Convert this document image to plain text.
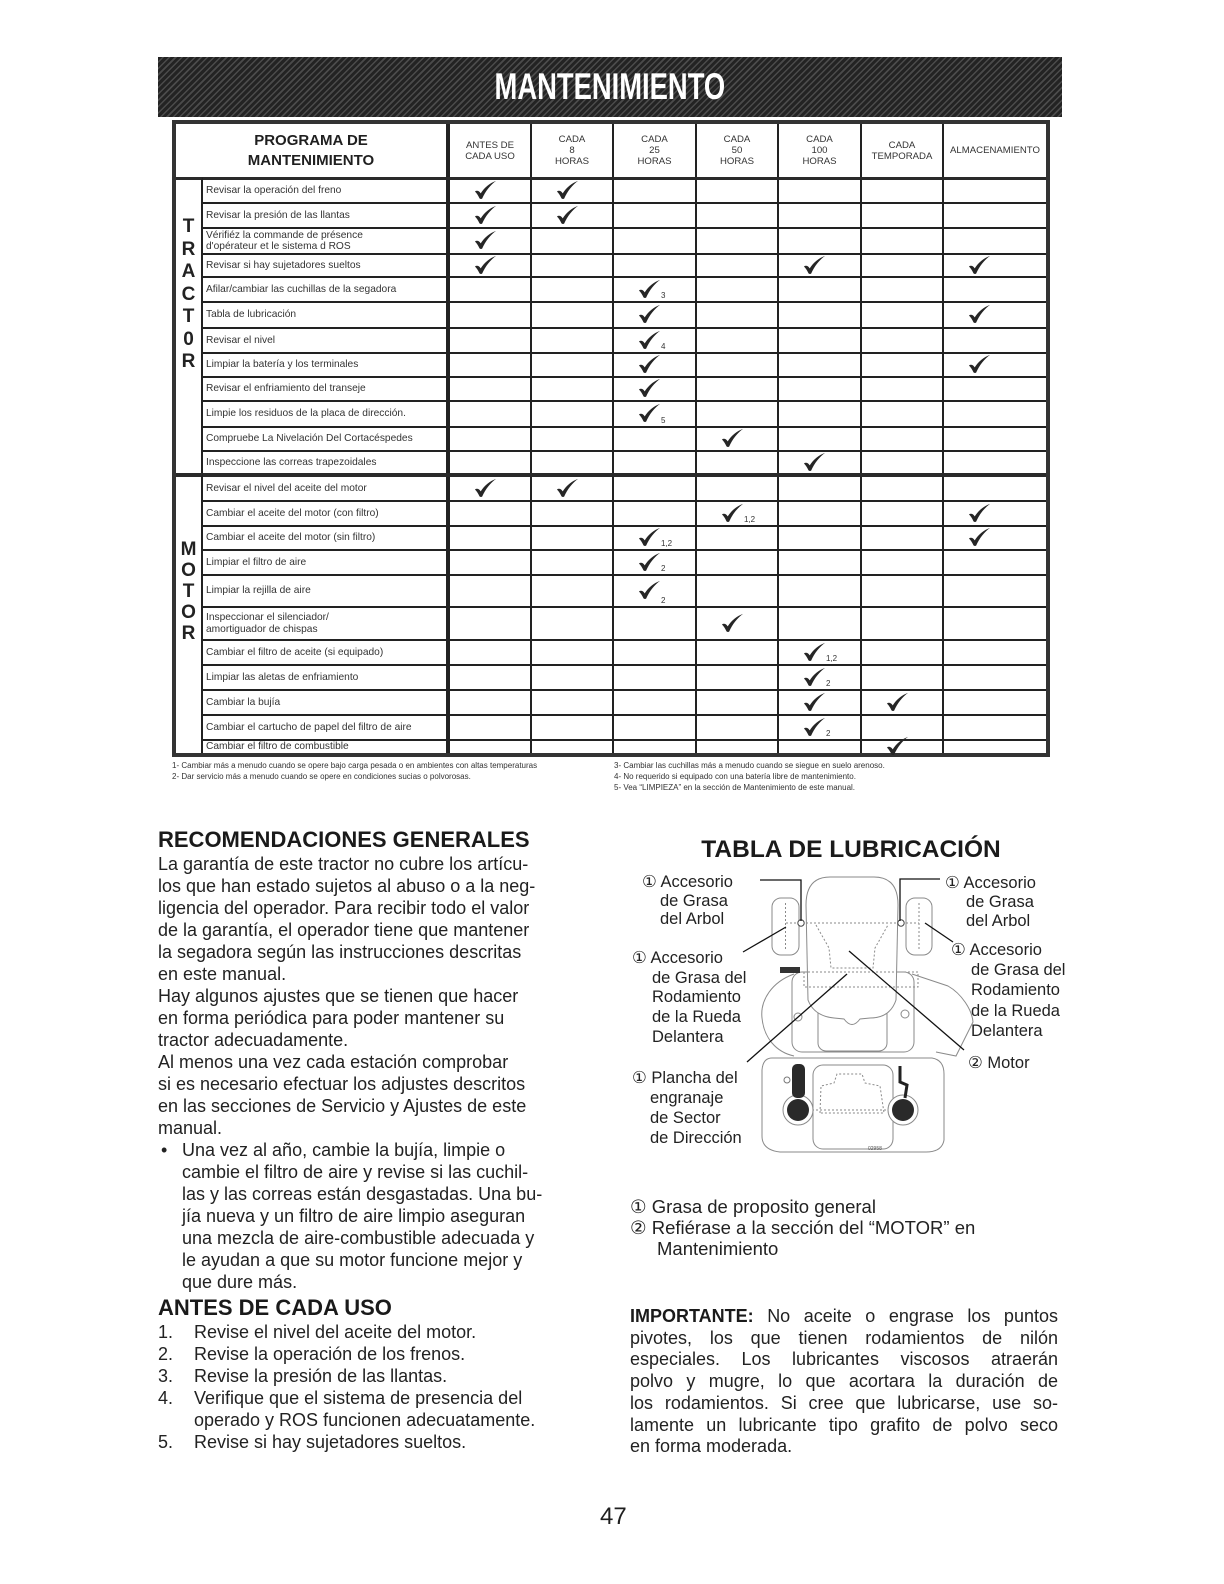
MANTENIMIENTO
PROGRAMA DE
MANTENIMIENTO
ANTES DE
CADA USO
CADA
8
HORAS
CADA
25
HORAS
CADA
50
HORAS
CADA
100
HORAS
CADA
TEMPORADA ALMACENAMIENTO
Revisar la operación del freno
Revisar la presión de las llantas
Vérifiéz la commande de présence
d'opérateur et le sistema d ROS
Revisar si hay sujetadores sueltos
Afilar/cambiar las cuchillas de la segadora
3
Tabla de lubricación
Revisar el nivel
4
Limpiar la batería y los terminales
Revisar el enfriamiento del transeje
Limpie los residuos de la placa de dirección.
5
Compruebe La Nivelación Del Cortacéspedes
Inspeccione las correas trapezoidales
T
R
A
C
T
0
R
Revisar el nivel del aceite del motor
Cambiar el aceite del motor (con filtro)
1,2
Cambiar el aceite del motor (sin filtro)
1,2
Limpiar el filtro de aire
2
Limpiar la rejilla de aire
2
Inspeccionar el silenciador/
amortiguador de chispas
Cambiar el filtro de aceite (si equipado)
1,2
Limpiar las aletas de enfriamiento
2
Cambiar la bujía
Cambiar el cartucho de papel del filtro de aire
2
Cambiar el filtro de combustible
M
O
T
O
R
1- Cambiar más a menudo cuando se opere bajo carga pesada o en ambientes con altas temperaturas
2- Dar servicio más a menudo cuando se opere en condiciones sucias o polvorosas.
3- Cambiar las cuchillas más a menudo cuando se siegue en suelo arenoso.
4- No requerido si equipado con una batería libre de mantenimiento.
5- Vea “LIMPIEZA” en la sección de Mantenimiento de este manual.
RECOMENDACIONES GENERALES
La garantía de este tractor no cubre los artícu-
los que han estado sujetos al abuso o a la neg-
ligencia del operador. Para recibir todo el valor
de la garantía, el operador tiene que mantener
la segadora según las instrucciones descritas
en este manual.
Hay algunos ajustes que se tienen que hacer
en forma periódica para poder mantener su
tractor adecuadamente.
Al menos una vez cada estación comprobar
si es necesario efectuar los adjustes descritos
en las secciones de Servicio y Ajustes de este
manual.
• Una vez al año, cambie la bujía, limpie o
cambie el filtro de aire y revise si las cuchil-
las y las correas están desgastadas. Una bu-
jía nueva y un filtro de aire limpio aseguran
una mezcla de aire-combustible adecuada y
le ayudan a que su motor funcione mejor y
que dure más.
ANTES DE CADA USO
1. Revise el nivel del aceite del motor.
2. Revise la operación de los frenos.
3. Revise la presión de las llantas.
4. Verifique que el sistema de presencia del
operado y ROS funcionen adecuatamente.
5. Revise si hay sujetadores sueltos.
TABLA DE LUBRICACIÓN
02958
① Accesorio
de Grasa
del Arbol
① Accesorio
de Grasa
del Arbol
① Accesorio
de Grasa del
Rodamiento
de la Rueda
Delantera
① Accesorio
de Grasa del
Rodamiento
de la Rueda
Delantera
② Motor
① Plancha del
engranaje
de Sector
de Dirección
① Grasa de proposito general
② Refiérase a la sección del “MOTOR” en
Mantenimiento
IMPORTANTE: No aceite o engrase los puntos
pivotes, los que tienen rodamientos de nilón
especiales. Los lubricantes viscosos atraerán
polvo y mugre, lo que acortara la duración de
los rodamientos. Si cree que lubricarse, use so-
lamente un lubricante tipo grafito de polvo seco
en forma moderada.
47
